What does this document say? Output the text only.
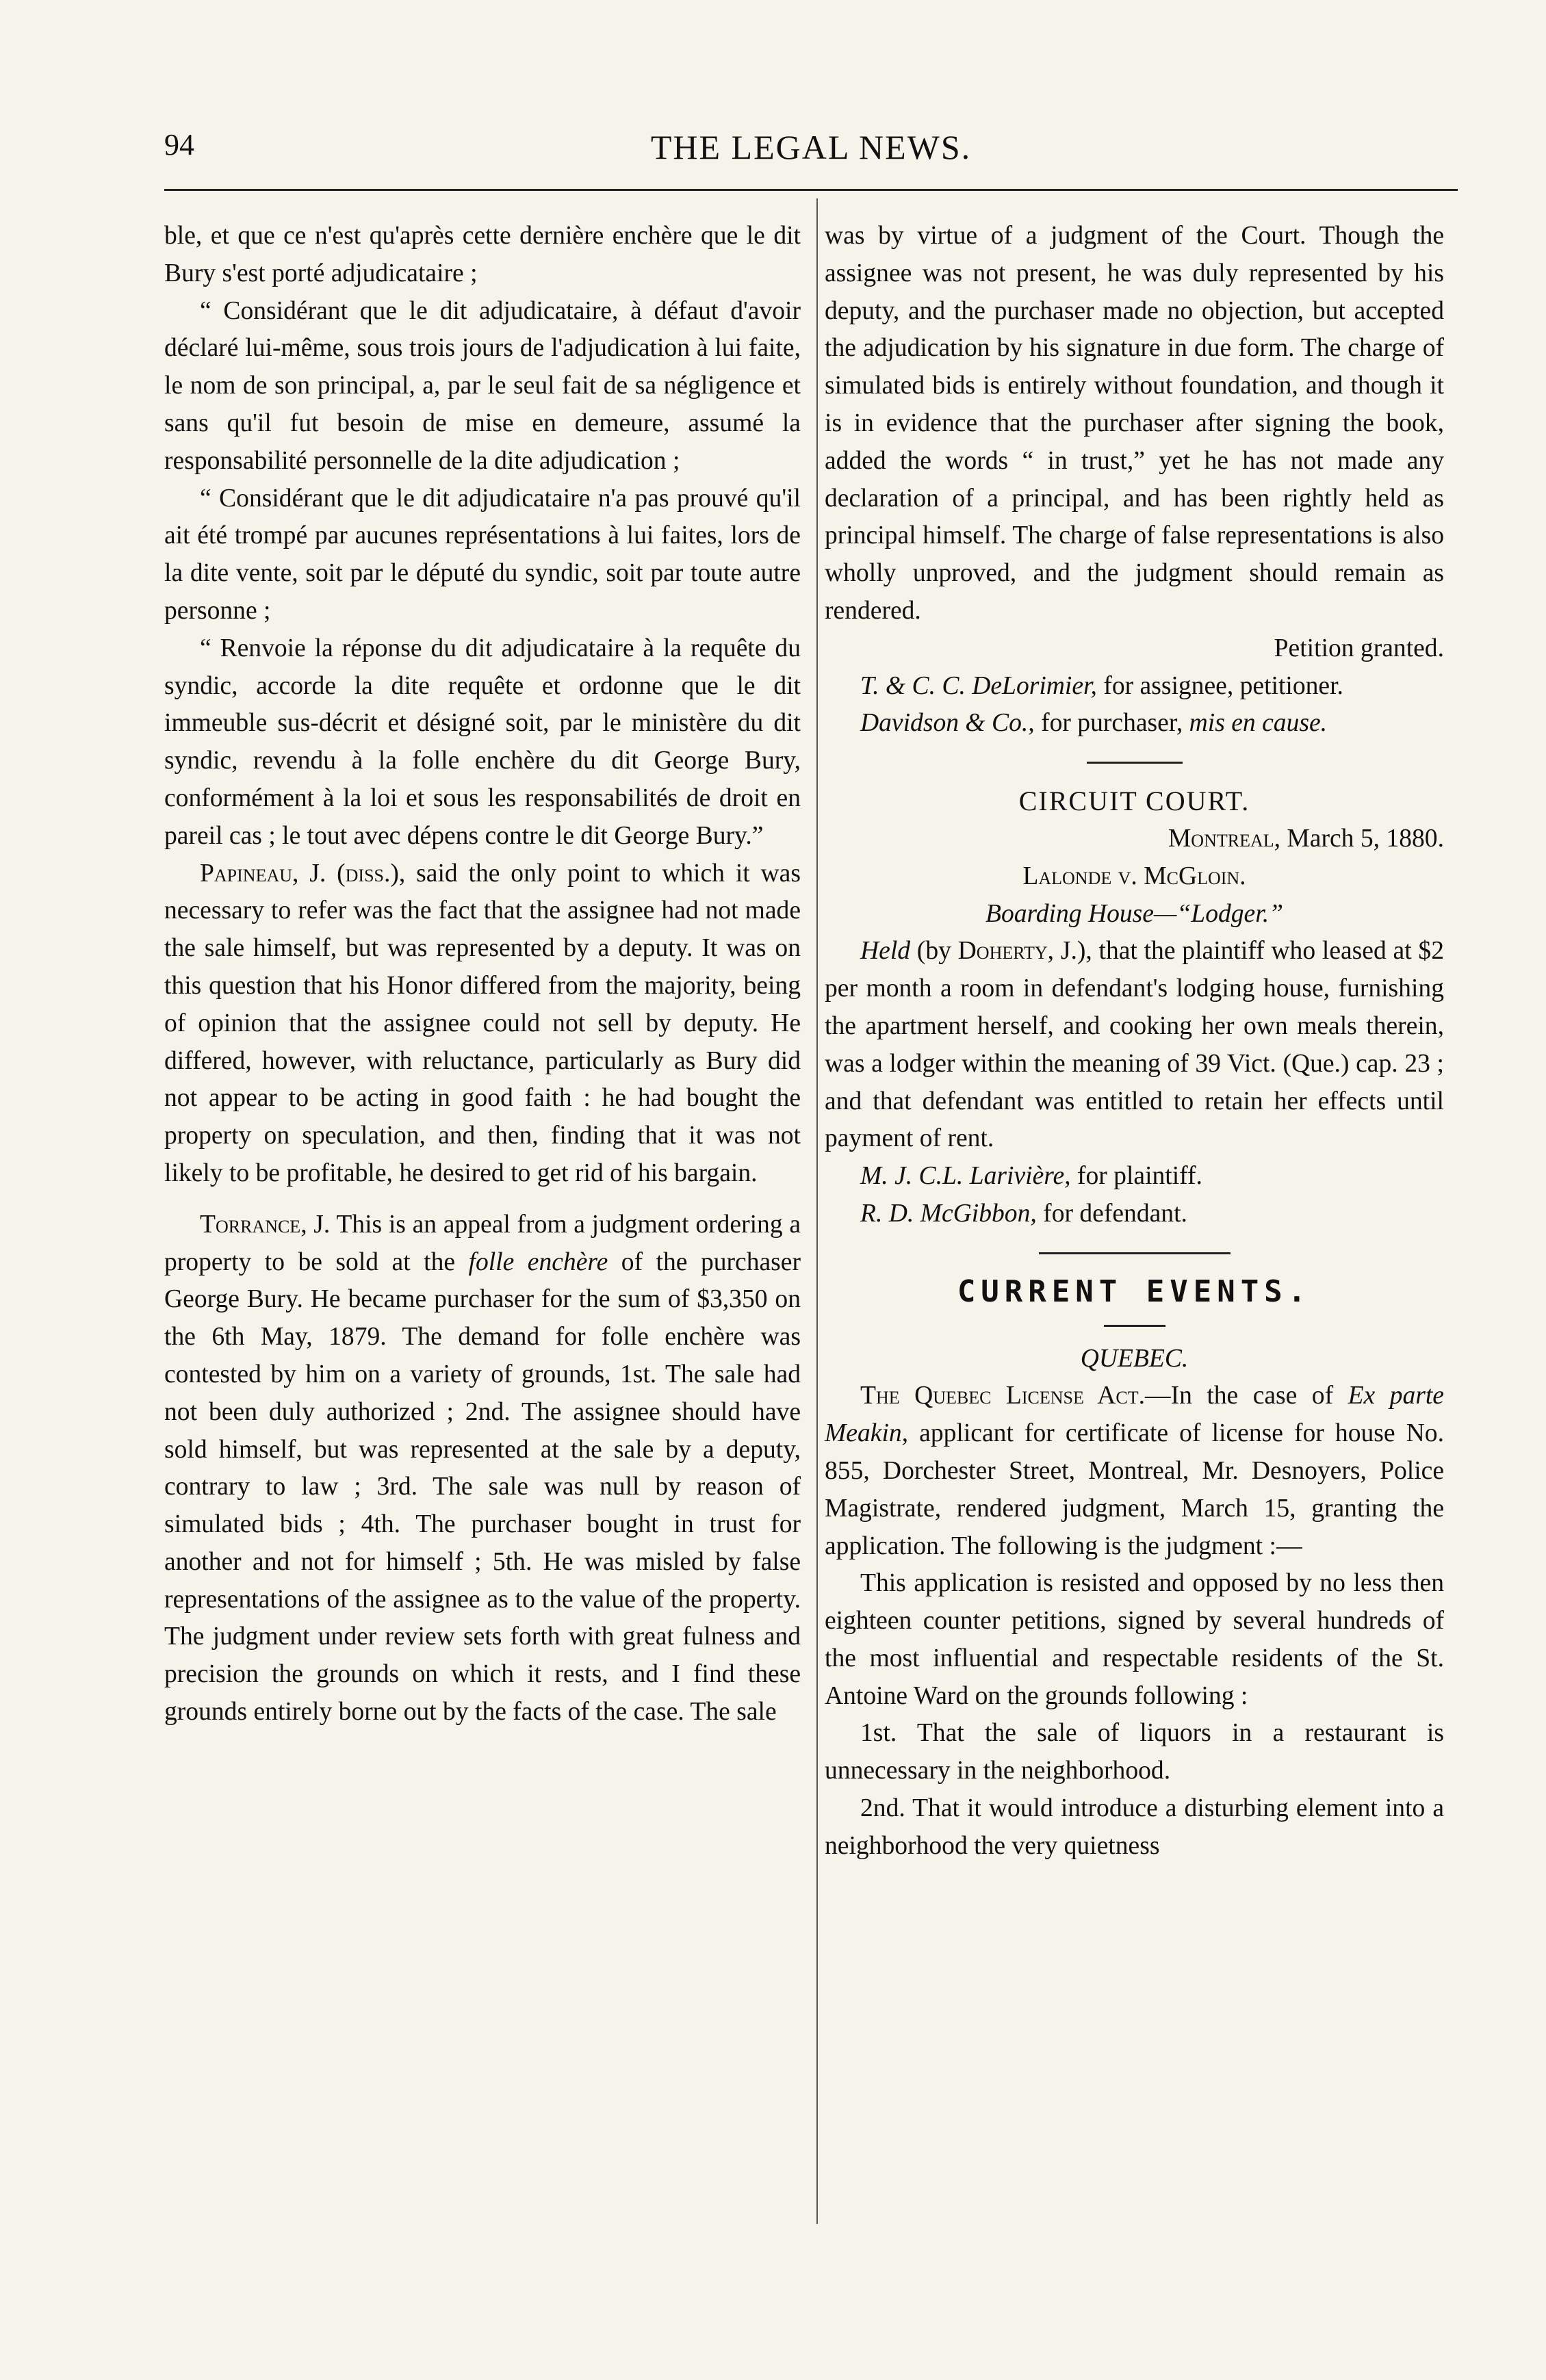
94	THE LEGAL NEWS.

ble, et que ce n'est qu'après cette dernière enchère que le dit Bury s'est porté adjudicataire ;

“ Considérant que le dit adjudicataire, à défaut d'avoir déclaré lui-même, sous trois jours de l'adjudication à lui faite, le nom de son principal, a, par le seul fait de sa négligence et sans qu'il fut besoin de mise en demeure, assumé la responsabilité personnelle de la dite adjudication ;

“ Considérant que le dit adjudicataire n'a pas prouvé qu'il ait été trompé par aucunes représentations à lui faites, lors de la dite vente, soit par le député du syndic, soit par toute autre personne ;

“ Renvoie la réponse du dit adjudicataire à la requête du syndic, accorde la dite requête et ordonne que le dit immeuble sus-décrit et désigné soit, par le ministère du dit syndic, revendu à la folle enchère du dit George Bury, conformément à la loi et sous les responsabilités de droit en pareil cas ; le tout avec dépens contre le dit George Bury.”

Papineau, J. (diss.), said the only point to which it was necessary to refer was the fact that the assignee had not made the sale himself, but was represented by a deputy. It was on this question that his Honor differed from the majority, being of opinion that the assignee could not sell by deputy. He differed, however, with reluctance, particularly as Bury did not appear to be acting in good faith : he had bought the property on speculation, and then, finding that it was not likely to be profitable, he desired to get rid of his bargain.

Torrance, J. This is an appeal from a judgment ordering a property to be sold at the folle enchère of the purchaser George Bury. He became purchaser for the sum of $3,350 on the 6th May, 1879. The demand for folle enchère was contested by him on a variety of grounds, 1st. The sale had not been duly authorized ; 2nd. The assignee should have sold himself, but was represented at the sale by a deputy, contrary to law ; 3rd. The sale was null by reason of simulated bids ; 4th. The purchaser bought in trust for another and not for himself ; 5th. He was misled by false representations of the assignee as to the value of the property. The judgment under review sets forth with great fulness and precision the grounds on which it rests, and I find these grounds entirely borne out by the facts of the case. The sale

was by virtue of a judgment of the Court. Though the assignee was not present, he was duly represented by his deputy, and the purchaser made no objection, but accepted the adjudication by his signature in due form. The charge of simulated bids is entirely without foundation, and though it is in evidence that the purchaser after signing the book, added the words “ in trust,” yet he has not made any declaration of a principal, and has been rightly held as principal himself. The charge of false representations is also wholly unproved, and the judgment should remain as rendered.

Petition granted.

T. & C. C. DeLorimier, for assignee, petitioner.

Davidson & Co., for purchaser, mis en cause.

CIRCUIT COURT.

Montreal, March 5, 1880.

Lalonde v. McGloin.

Boarding House—“Lodger.”

Held (by Doherty, J.), that the plaintiff who leased at $2 per month a room in defendant's lodging house, furnishing the apartment herself, and cooking her own meals therein, was a lodger within the meaning of 39 Vict. (Que.) cap. 23 ; and that defendant was entitled to retain her effects until payment of rent.

M. J. C.L. Larivière, for plaintiff.

R. D. McGibbon, for defendant.

CURRENT EVENTS.

QUEBEC.

The Quebec License Act.—In the case of Ex parte Meakin, applicant for certificate of license for house No. 855, Dorchester Street, Montreal, Mr. Desnoyers, Police Magistrate, rendered judgment, March 15, granting the application. The following is the judgment :—

This application is resisted and opposed by no less then eighteen counter petitions, signed by several hundreds of the most influential and respectable residents of the St. Antoine Ward on the grounds following :

1st. That the sale of liquors in a restaurant is unnecessary in the neighborhood.

2nd. That it would introduce a disturbing element into a neighborhood the very quietness
